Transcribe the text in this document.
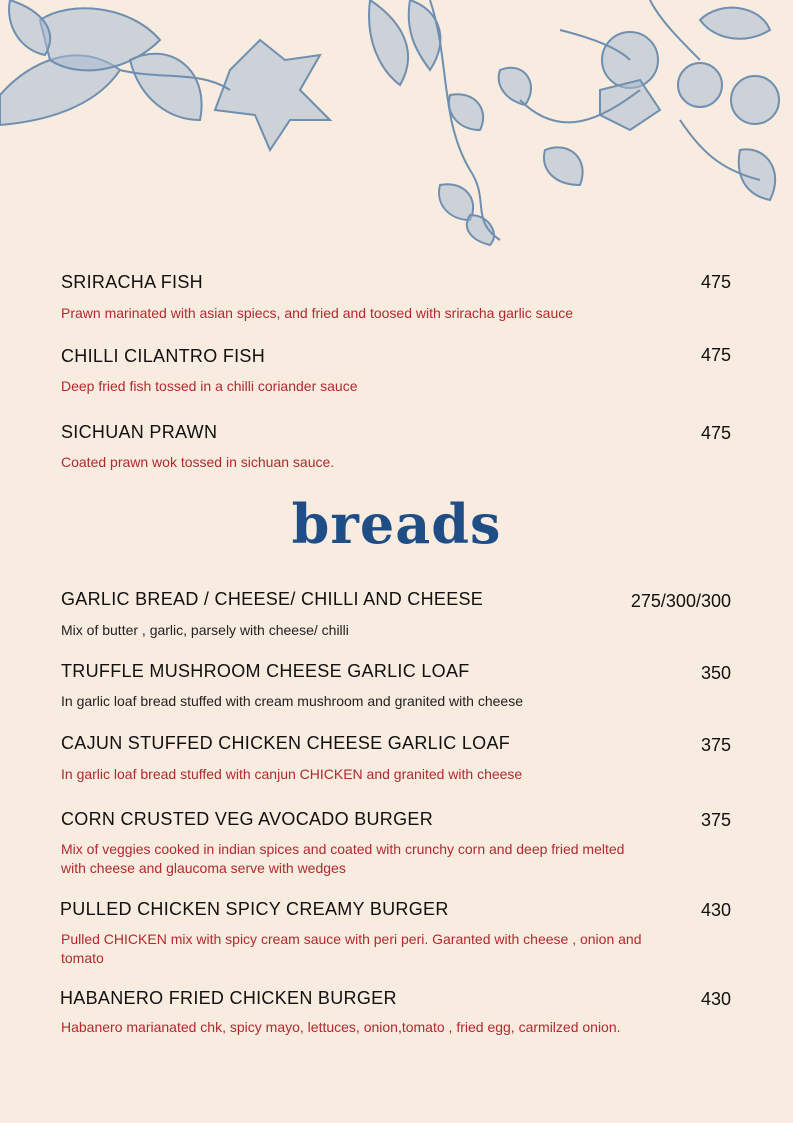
breads
SRIRACHA FISH	475
Prawn marinated with asian spiecs, and fried and toosed with sriracha garlic sauce
CHILLI CILANTRO FISH	475
Deep fried fish tossed in a chilli coriander sauce
SICHUAN PRAWN	475
Coated prawn wok tossed in sichuan sauce.
GARLIC BREAD / CHEESE/ CHILLI AND CHEESE	275/300/300
Mix of butter , garlic, parsely with cheese/ chilli
TRUFFLE MUSHROOM CHEESE GARLIC LOAF	350
In garlic loaf bread stuffed with cream mushroom and granited with cheese
CAJUN STUFFED CHICKEN CHEESE GARLIC LOAF	375
In garlic loaf bread stuffed with canjun CHICKEN and granited with cheese
CORN CRUSTED VEG AVOCADO BURGER	375
Mix of veggies cooked in indian spices and coated with crunchy corn and deep fried melted with cheese and glaucoma serve with wedges
PULLED CHICKEN SPICY CREAMY BURGER	430
Pulled CHICKEN mix with spicy cream sauce with peri peri. Garanted with cheese , onion and tomato
HABANERO FRIED CHICKEN BURGER	430
Habanero marianated chk, spicy mayo, lettuces, onion,tomato , fried egg, carmilzed onion.
